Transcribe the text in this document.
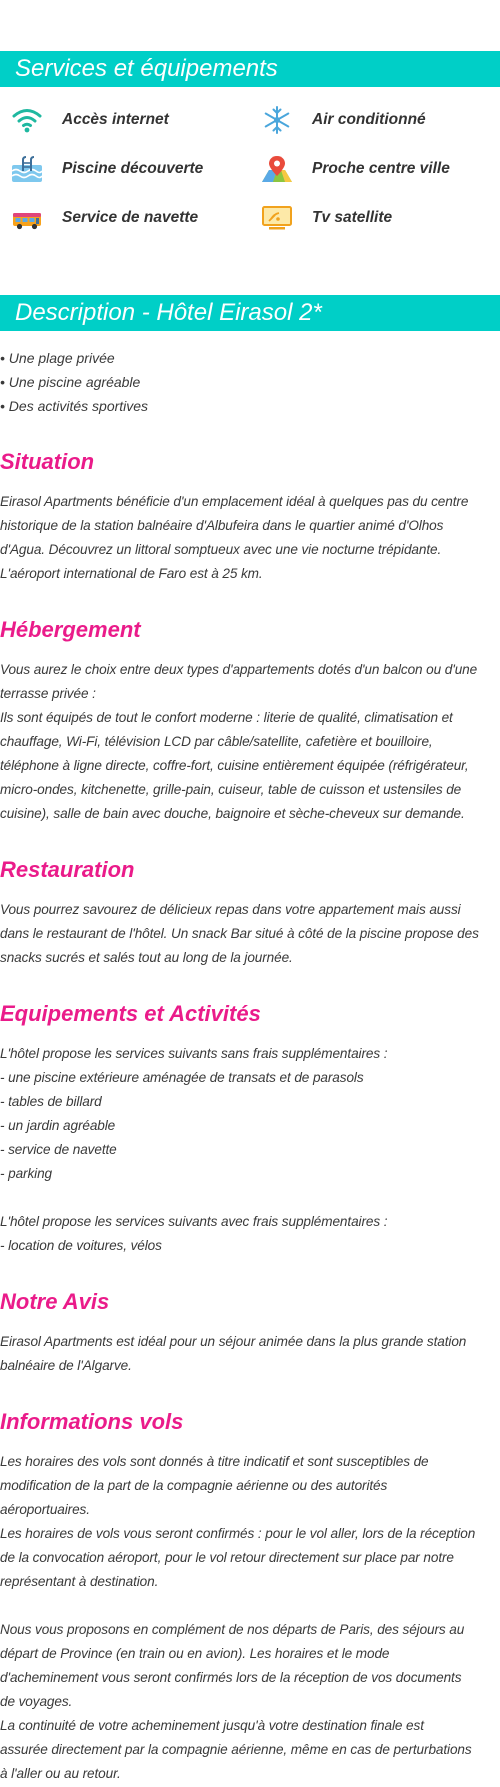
Services et équipements
Accès internet	Air conditionné
Piscine découverte	Proche centre ville
Service de navette	Tv satellite
Description - Hôtel Eirasol 2*
• Une plage privée
• Une piscine agréable
• Des activités sportives
Situation
Eirasol Apartments bénéficie d'un emplacement idéal à quelques pas du centre
historique de la station balnéaire d'Albufeira dans le quartier animé d'Olhos
d'Agua. Découvrez un littoral somptueux avec une vie nocturne trépidante.
L'aéroport international de Faro est à 25 km.
Hébergement
Vous aurez le choix entre deux types d'appartements dotés d'un balcon ou d'une
terrasse privée :
Ils sont équipés de tout le confort moderne : literie de qualité, climatisation et
chauffage, Wi-Fi, télévision LCD par câble/satellite, cafetière et bouilloire,
téléphone à ligne directe, coffre-fort, cuisine entièrement équipée (réfrigérateur,
micro-ondes, kitchenette, grille-pain, cuiseur, table de cuisson et ustensiles de
cuisine), salle de bain avec douche, baignoire et sèche-cheveux sur demande.
Restauration
Vous pourrez savourez de délicieux repas dans votre appartement mais aussi
dans le restaurant de l'hôtel. Un snack Bar situé à côté de la piscine propose des
snacks sucrés et salés tout au long de la journée.
Equipements et Activités
L'hôtel propose les services suivants sans frais supplémentaires :
- une piscine extérieure aménagée de transats et de parasols
- tables de billard
- un jardin agréable
- service de navette
- parking
L'hôtel propose les services suivants avec frais supplémentaires :
- location de voitures, vélos
Notre Avis
Eirasol Apartments est idéal pour un séjour animée dans la plus grande station
balnéaire de l'Algarve.
Informations vols
Les horaires des vols sont donnés à titre indicatif et sont susceptibles de
modification de la part de la compagnie aérienne ou des autorités
aéroportuaires.
Les horaires de vols vous seront confirmés : pour le vol aller, lors de la réception
de la convocation aéroport, pour le vol retour directement sur place par notre
représentant à destination.
Nous vous proposons en complément de nos départs de Paris, des séjours au
départ de Province (en train ou en avion). Les horaires et le mode
d'acheminement vous seront confirmés lors de la réception de vos documents
de voyages.
La continuité de votre acheminement jusqu'à votre destination finale est
assurée directement par la compagnie aérienne, même en cas de perturbations
à l'aller ou au retour.
